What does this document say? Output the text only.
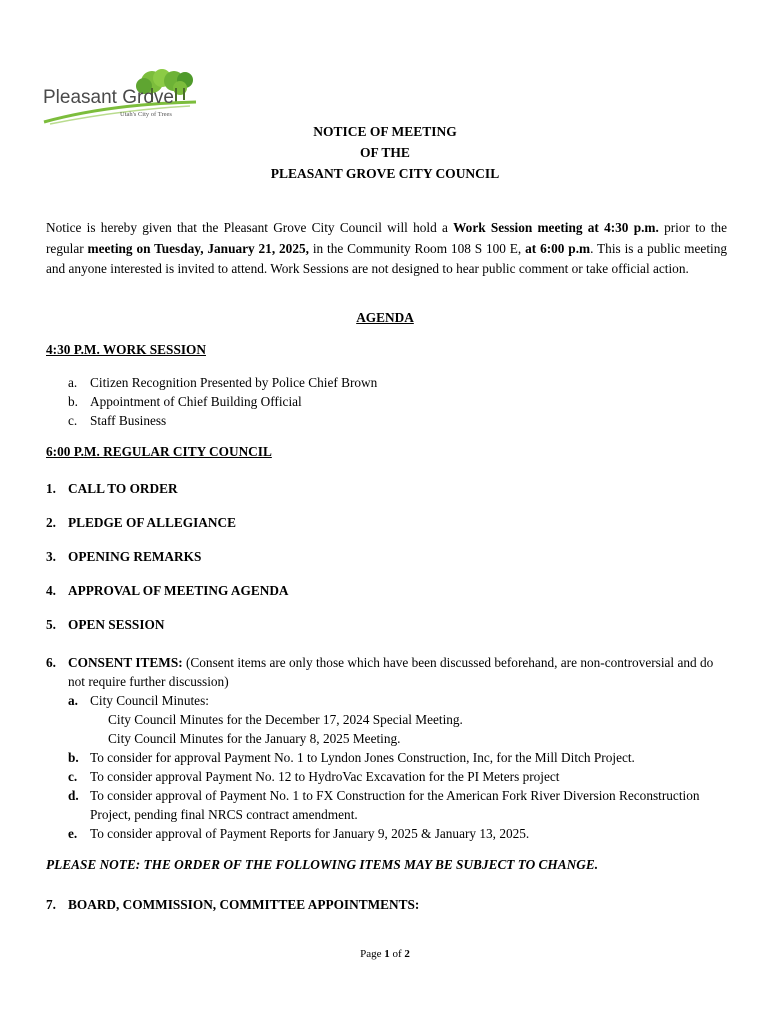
Pleasant Grove
Utah's City of Trees
NOTICE OF MEETING
OF THE
PLEASANT GROVE CITY COUNCIL
Notice is hereby given that the Pleasant Grove City Council will hold a Work Session meeting at 4:30 p.m. prior to the regular meeting on Tuesday, January 21, 2025, in the Community Room 108 S 100 E, at 6:00 p.m. This is a public meeting and anyone interested is invited to attend. Work Sessions are not designed to hear public comment or take official action.
AGENDA
4:30 P.M. WORK SESSION
a. Citizen Recognition Presented by Police Chief Brown
b. Appointment of Chief Building Official
c. Staff Business
6:00 P.M. REGULAR CITY COUNCIL
1. CALL TO ORDER
2. PLEDGE OF ALLEGIANCE
3. OPENING REMARKS
4. APPROVAL OF MEETING AGENDA
5. OPEN SESSION
6. CONSENT ITEMS: (Consent items are only those which have been discussed beforehand, are non-controversial and do not require further discussion)
a. City Council Minutes:
City Council Minutes for the December 17, 2024 Special Meeting.
City Council Minutes for the January 8, 2025 Meeting.
b. To consider for approval Payment No. 1 to Lyndon Jones Construction, Inc, for the Mill Ditch Project.
c. To consider approval Payment No. 12 to HydroVac Excavation for the PI Meters project
d. To consider approval of Payment No. 1 to FX Construction for the American Fork River Diversion Reconstruction Project, pending final NRCS contract amendment.
e. To consider approval of Payment Reports for January 9, 2025 & January 13, 2025.
PLEASE NOTE: THE ORDER OF THE FOLLOWING ITEMS MAY BE SUBJECT TO CHANGE.
7. BOARD, COMMISSION, COMMITTEE APPOINTMENTS:
Page 1 of 2
